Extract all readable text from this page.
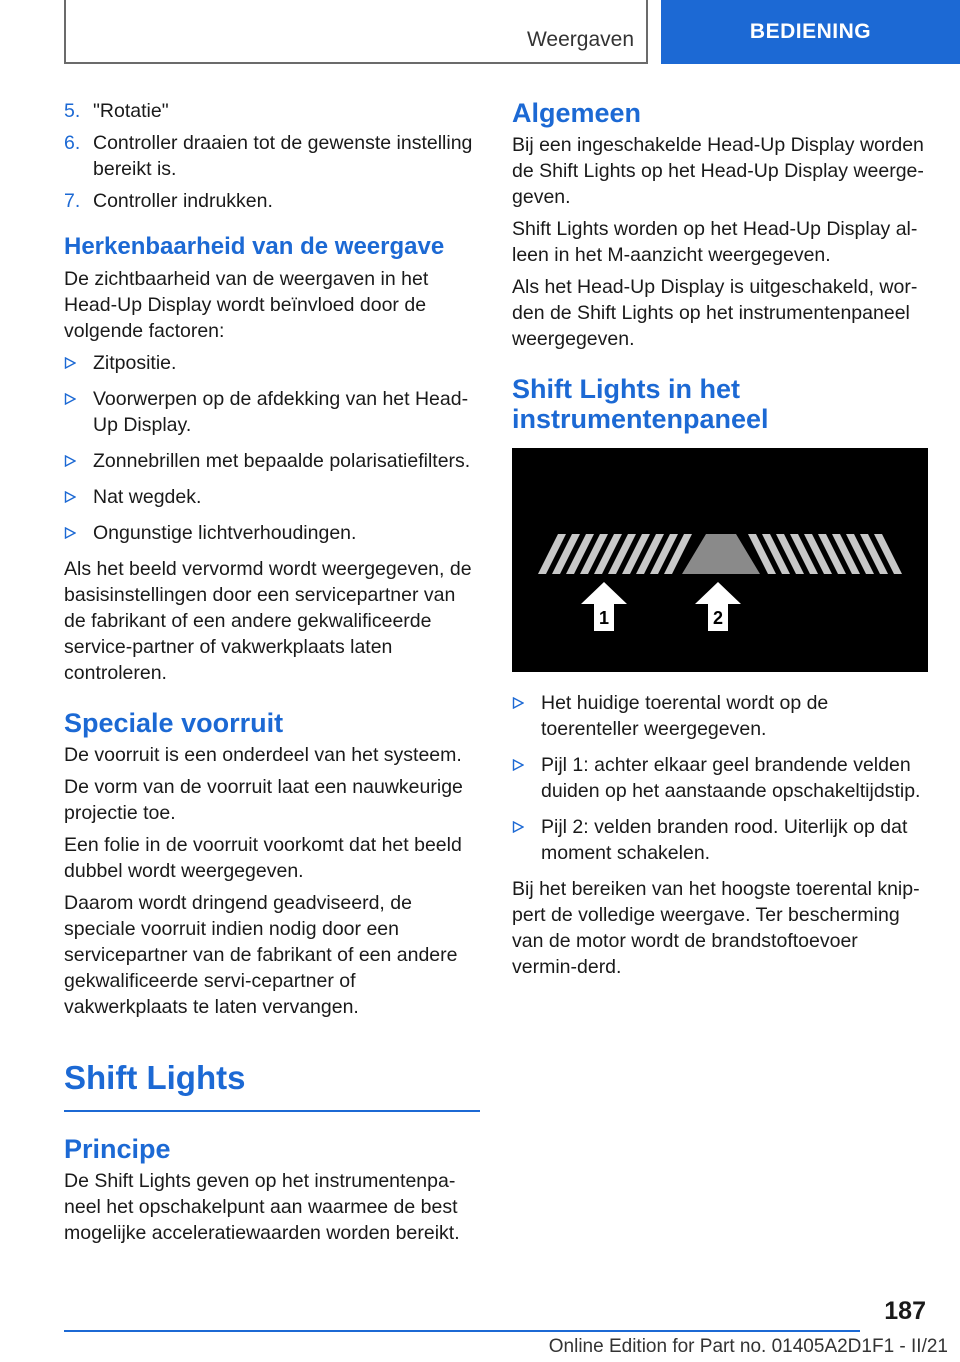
Weergaven	BEDIENING
5. "Rotatie"
6. Controller draaien tot de gewenste instelling bereikt is.
7. Controller indrukken.
Herkenbaarheid van de weergave

De zichtbaarheid van de weergaven in het Head-Up Display wordt beïnvloed door de volgende factoren:

Zitpositie.
Voorwerpen op de afdekking van het Head-Up Display.
Zonnebrillen met bepaalde polarisatiefilters.
Nat wegdek.
Ongunstige lichtverhoudingen.

Als het beeld vervormd wordt weergegeven, de basisinstellingen door een servicepartner van de fabrikant of een andere gekwalificeerde service-partner of vakwerkplaats laten controleren.

Speciale voorruit

De voorruit is een onderdeel van het systeem.

De vorm van de voorruit laat een nauwkeurige projectie toe.

Een folie in de voorruit voorkomt dat het beeld dubbel wordt weergegeven.

Daarom wordt dringend geadviseerd, de speciale voorruit indien nodig door een servicepartner van de fabrikant of een andere gekwalificeerde servi-cepartner of vakwerkplaats te laten vervangen.

Shift Lights
Principe

De Shift Lights geven op het instrumentenpa-neel het opschakelpunt aan waarmee de best mogelijke acceleratiewaarden worden bereikt.

Algemeen

Bij een ingeschakelde Head-Up Display worden de Shift Lights op het Head-Up Display weerge-geven.

Shift Lights worden op het Head-Up Display al-leen in het M-aanzicht weergegeven.

Als het Head-Up Display is uitgeschakeld, wor-den de Shift Lights op het instrumentenpaneel weergegeven.

Shift Lights in het instrumentenpaneel
1	2
Het huidige toerental wordt op de toerenteller weergegeven.
Pijl 1: achter elkaar geel brandende velden duiden op het aanstaande opschakeltijdstip.
Pijl 2: velden branden rood. Uiterlijk op dat moment schakelen.

Bij het bereiken van het hoogste toerental knip-pert de volledige weergave. Ter bescherming van de motor wordt de brandstoftoevoer vermin-derd.

187
Online Edition for Part no. 01405A2D1F1 - II/21
